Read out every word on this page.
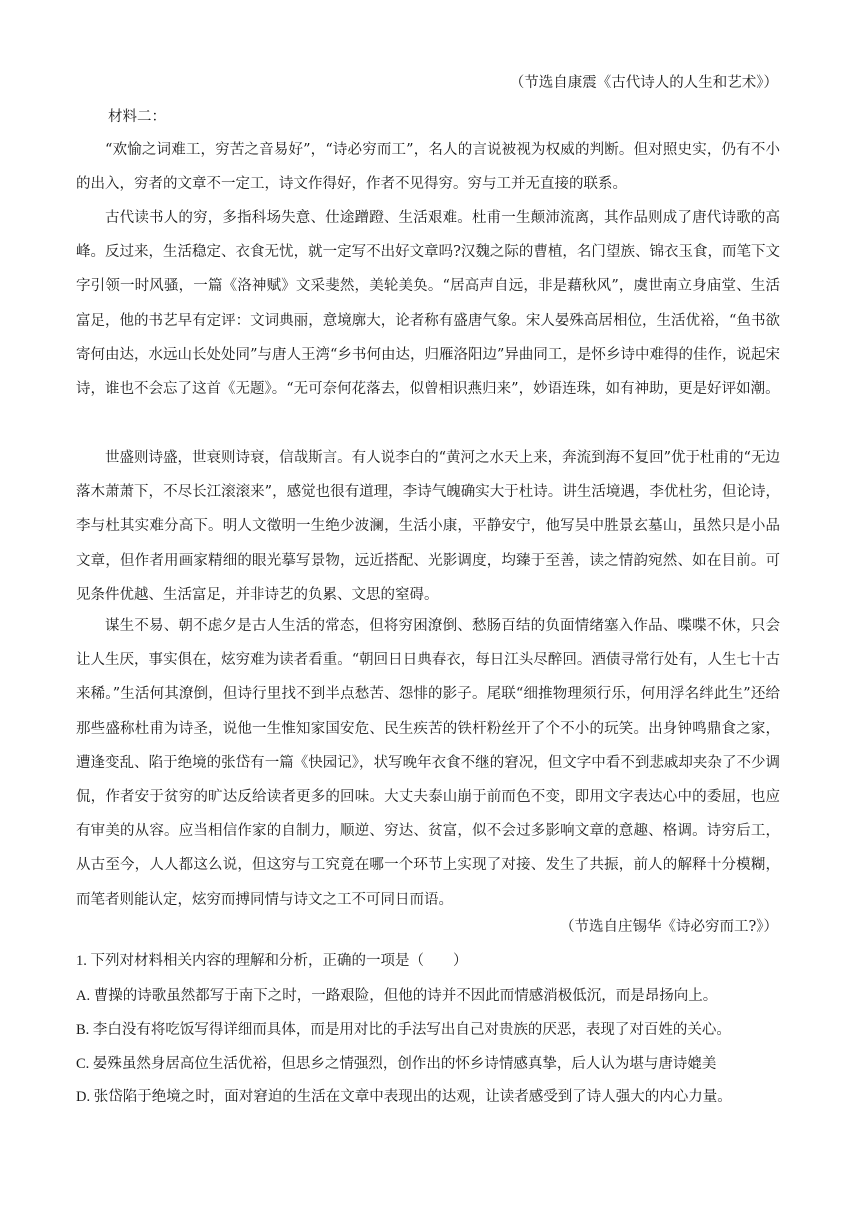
（节选自康震《古代诗人的人生和艺术》）
材料二：

“欢愉之词难工，穷苦之音易好”，“诗必穷而工”，名人的言说被视为权威的判断。但对照史实，仍有不小的出入，穷者的文章不一定工，诗文作得好，作者不见得穷。穷与工并无直接的联系。

古代读书人的穷，多指科场失意、仕途蹭蹬、生活艰难。杜甫一生颠沛流离，其作品则成了唐代诗歌的高峰。反过来，生活稳定、衣食无忧，就一定写不出好文章吗?汉魏之际的曹植，名门望族、锦衣玉食，而笔下文字引领一时风骚，一篇《洛神赋》文采斐然，美轮美奂。“居高声自远，非是藉秋风”，虞世南立身庙堂、生活富足，他的书艺早有定评：文词典丽，意境廓大，论者称有盛唐气象。宋人晏殊高居相位，生活优裕，“鱼书欲寄何由达，水远山长处处同”与唐人王湾“乡书何由达，归雁洛阳边”异曲同工，是怀乡诗中难得的佳作，说起宋诗，谁也不会忘了这首《无题》。“无可奈何花落去，似曾相识燕归来”，妙语连珠，如有神助，更是好评如潮。

世盛则诗盛，世衰则诗衰，信哉斯言。有人说李白的“黄河之水天上来，奔流到海不复回”优于杜甫的“无边落木萧萧下，不尽长江滚滚来”，感觉也很有道理，李诗气魄确实大于杜诗。讲生活境遇，李优杜劣，但论诗，李与杜其实难分高下。明人文徵明一生绝少波澜，生活小康，平静安宁，他写吴中胜景玄墓山，虽然只是小品文章，但作者用画家精细的眼光摹写景物，远近搭配、光影调度，均臻于至善，读之情韵宛然、如在目前。可见条件优越、生活富足，并非诗艺的负累、文思的窒碍。

谋生不易、朝不虑夕是古人生活的常态，但将穷困潦倒、愁肠百结的负面情绪塞入作品、喋喋不休，只会让人生厌，事实俱在，炫穷难为读者看重。“朝回日日典春衣，每日江头尽醉回。酒债寻常行处有，人生七十古来稀。”生活何其潦倒，但诗行里找不到半点愁苦、怨悱的影子。尾联“细推物理须行乐，何用浮名绊此生”还给那些盛称杜甫为诗圣，说他一生惟知家国安危、民生疾苦的铁杆粉丝开了个不小的玩笑。出身钟鸣鼎食之家，遭逢变乱、陷于绝境的张岱有一篇《快园记》，状写晚年衣食不继的窘况，但文字中看不到悲戚却夹杂了不少调侃，作者安于贫穷的旷达反给读者更多的回味。大丈夫泰山崩于前而色不变，即用文字表达心中的委屈，也应有审美的从容。应当相信作家的自制力，顺逆、穷达、贫富，似不会过多影响文章的意趣、格调。诗穷后工，从古至今，人人都这么说，但这穷与工究竟在哪一个环节上实现了对接、发生了共振，前人的解释十分模糊，而笔者则能认定，炫穷而搏同情与诗文之工不可同日而语。

（节选自庄锡华《诗必穷而工?》）
1. 下列对材料相关内容的理解和分析，正确的一项是（　　）
A. 曹操的诗歌虽然都写于南下之时，一路艰险，但他的诗并不因此而情感消极低沉，而是昂扬向上。
B. 李白没有将吃饭写得详细而具体，而是用对比的手法写出自己对贵族的厌恶，表现了对百姓的关心。
C. 晏殊虽然身居高位生活优裕，但思乡之情强烈，创作出的怀乡诗情感真挚，后人认为堪与唐诗媲美
D. 张岱陷于绝境之时，面对窘迫的生活在文章中表现出的达观，让读者感受到了诗人强大的内心力量。
